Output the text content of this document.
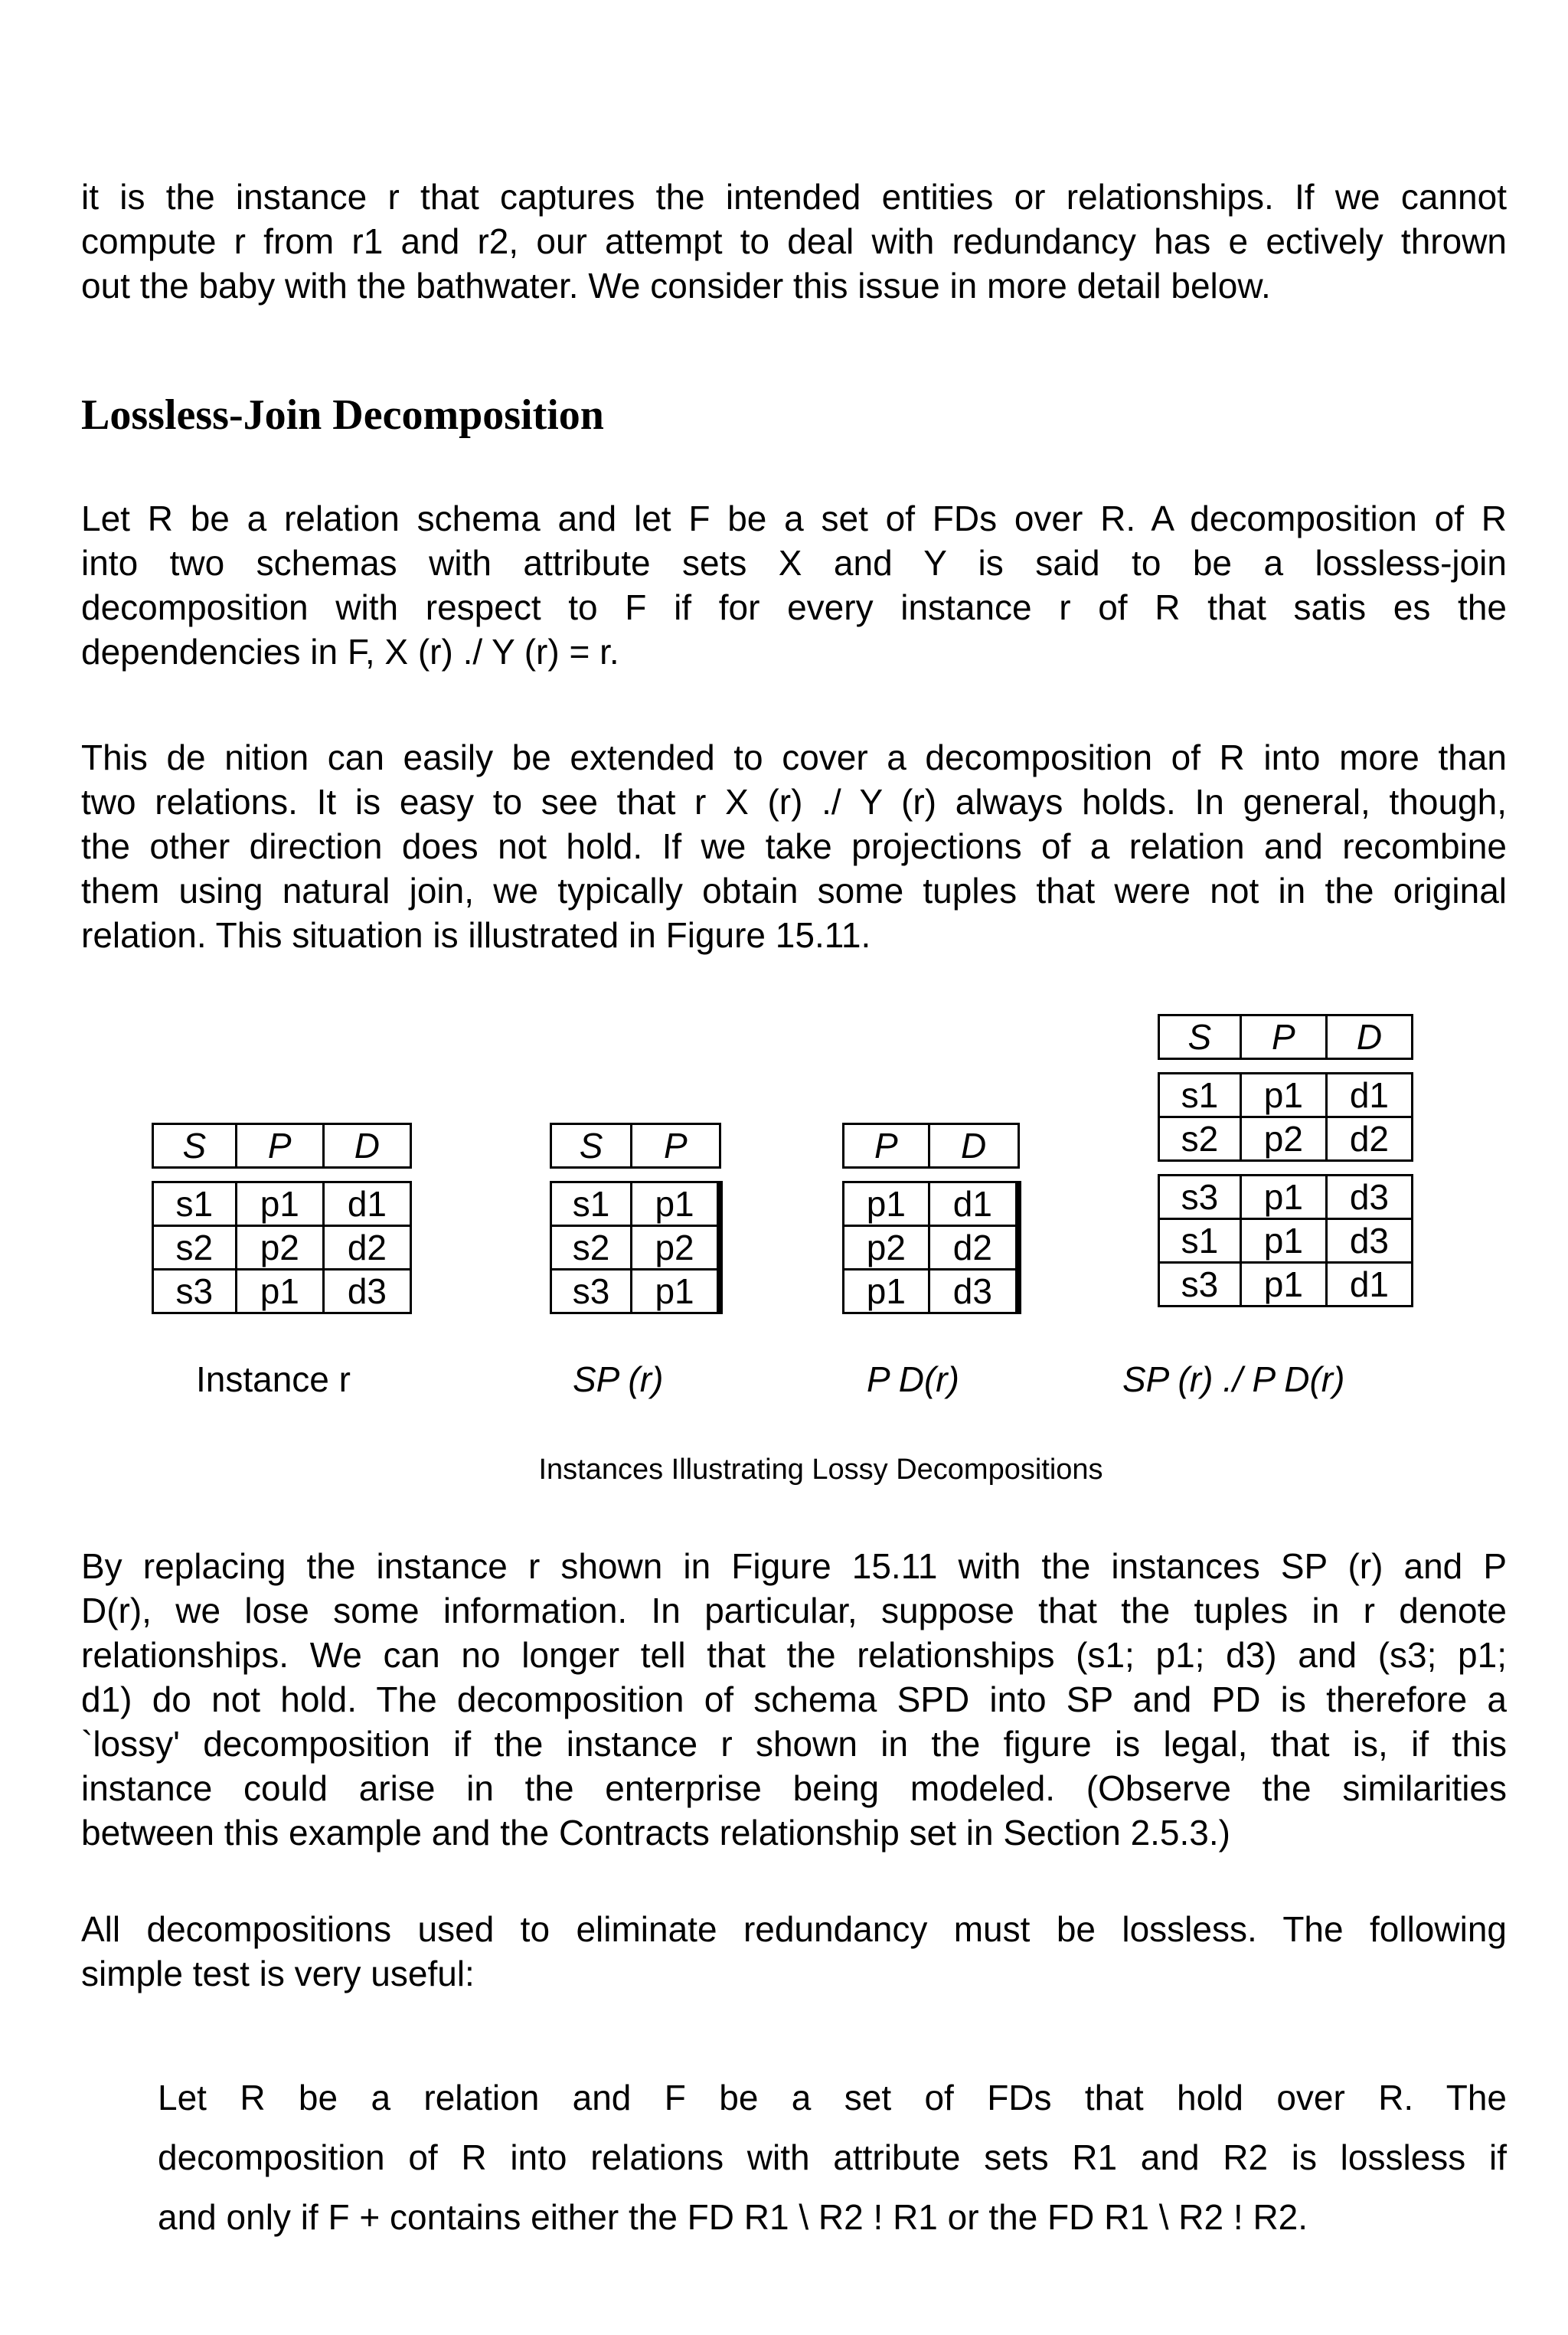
it is the instance r that captures the intended entities or relationships. If we cannot
compute r from r1 and r2, our attempt to deal with redundancy has e ectively thrown
out the baby with the bathwater. We consider this issue in more detail below.

Lossless-Join Decomposition

Let R be a relation schema and let F be a set of FDs over R. A decomposition of R
into two schemas with attribute sets X and Y is said to be a lossless-join
decomposition with respect to F if for every instance r of R that satis es the
dependencies in F, X (r) ./ Y (r) = r.

This de nition can easily be extended to cover a decomposition of R into more than
two relations. It is easy to see that r X (r) ./ Y (r) always holds. In general, though,
the other direction does not hold. If we take projections of a relation and recombine
them using natural join, we typically obtain some tuples that were not in the original
relation. This situation is illustrated in Figure 15.11.

S	P	D

s1	p1	d1
s2	p2	d2
s3	p1	d3
Instance r
S	P

s1	p1
s2	p2
s3	p1
SP (r)
P	D

p1	d1
p2	d2
p1	d3
P D(r)
S	P	D

s1	p1	d1
s2	p2	d2

s3	p1	d3
s1	p1	d3
s3	p1	d1
SP (r) ./ P D(r)
Instances Illustrating Lossy Decompositions

By replacing the instance r shown in Figure 15.11 with the instances SP (r) and P
D(r), we lose some information. In particular, suppose that the tuples in r denote
relationships. We can no longer tell that the relationships (s1; p1; d3) and (s3; p1;
d1) do not hold. The decomposition of schema SPD into SP and PD is therefore a
`lossy' decomposition if the instance r shown in the figure is legal, that is, if this
instance could arise in the enterprise being modeled. (Observe the similarities
between this example and the Contracts relationship set in Section 2.5.3.)

All decompositions used to eliminate redundancy must be lossless. The following
simple test is very useful:

Let R be a relation and F be a set of FDs that hold over R. The
decomposition of R into relations with attribute sets R1 and R2 is lossless if
and only if F + contains either the FD R1 \ R2 ! R1 or the FD R1 \ R2 ! R2.
